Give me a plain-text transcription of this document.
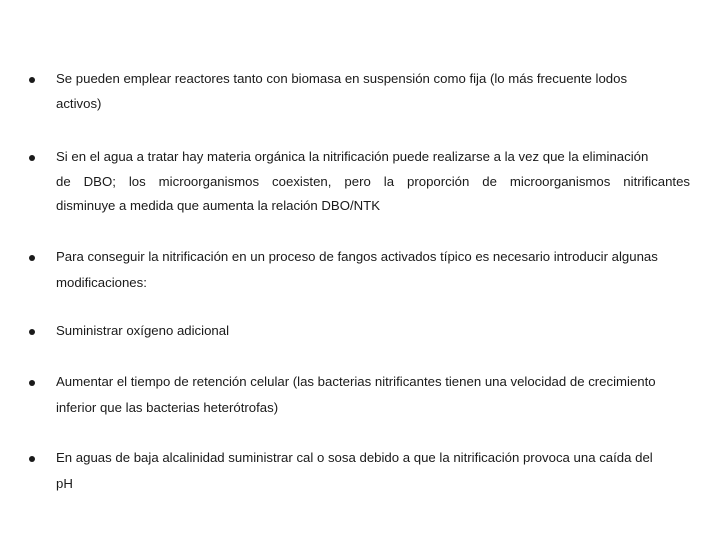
Se pueden emplear reactores tanto con biomasa en suspensión como fija (lo más frecuente lodos
activos)
Si en el agua a tratar hay materia orgánica la nitrificación puede realizarse a la vez que la eliminación
de DBO; los microorganismos coexisten, pero la proporción de microorganismos nitrificantes
disminuye a medida que aumenta la relación DBO/NTK
Para conseguir la nitrificación en un proceso de fangos activados típico es necesario introducir algunas
modificaciones:
Suministrar oxígeno adicional
Aumentar el tiempo de retención celular (las bacterias nitrificantes tienen una velocidad de crecimiento
inferior que las bacterias heterótrofas)
En aguas de baja alcalinidad suministrar cal o sosa debido a que la nitrificación provoca una caída del
pH
